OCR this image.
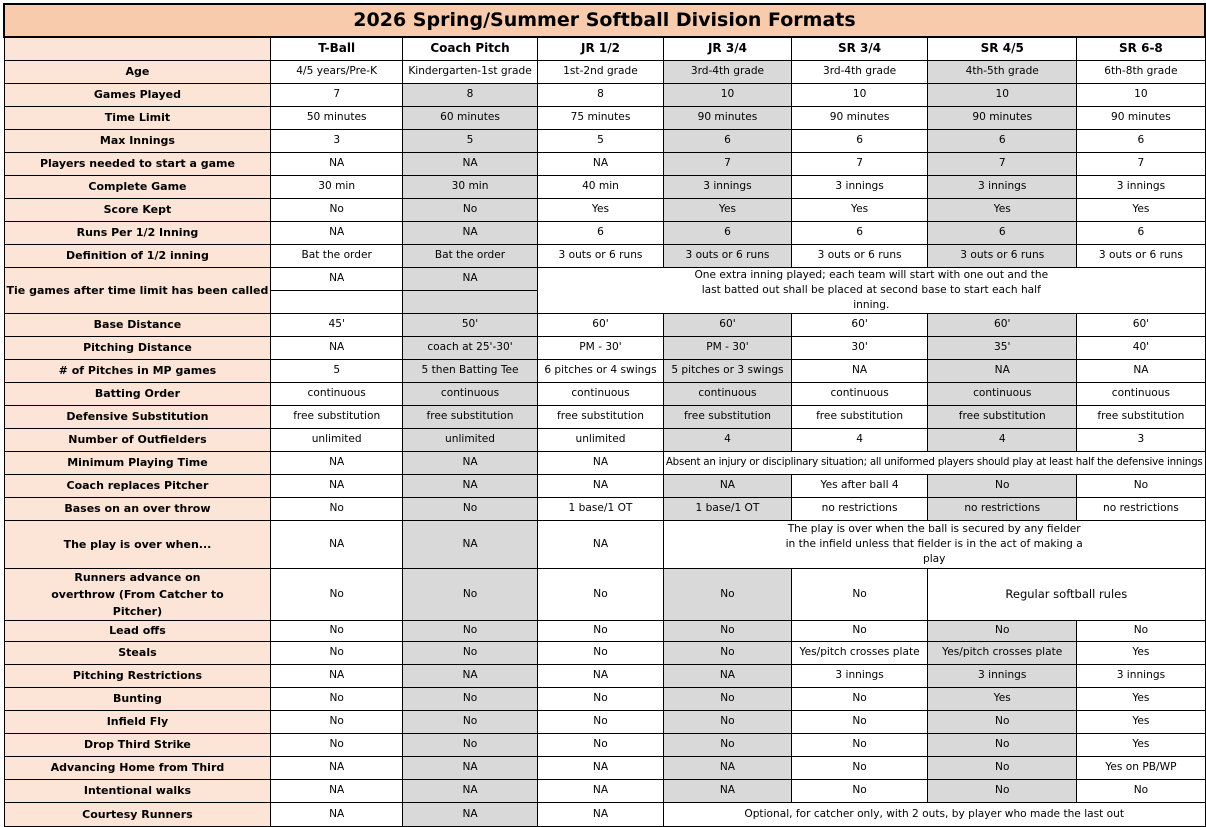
2026 Spring/Summer Softball Division Formats							
	T-Ball	Coach Pitch	JR 1/2	JR 3/4	SR 3/4	SR 4/5	SR 6-8
Age	4/5 years/Pre-K	Kindergarten-1st grade	1st-2nd grade	3rd-4th grade	3rd-4th grade	4th-5th grade	6th-8th grade
Games Played	7	8	8	10	10	10	10
Time Limit	50 minutes	60 minutes	75 minutes	90 minutes	90 minutes	90 minutes	90 minutes
Max Innings	3	5	5	6	6	6	6
Players needed to start a game	NA	NA	NA	7	7	7	7
Complete Game	30 min	30 min	40 min	3 innings	3 innings	3 innings	3 innings
Score Kept	No	No	Yes	Yes	Yes	Yes	Yes
Runs Per 1/2 Inning	NA	NA	6	6	6	6	6
Definition of 1/2 inning	Bat the order	Bat the order	3 outs or 6 runs	3 outs or 6 runs	3 outs or 6 runs	3 outs or 6 runs	3 outs or 6 runs
Tie games after time limit has been called	NA	NA	One extra inning played; each team will start with one out and the last batted out shall be placed at second base to start each half inning.				

Base Distance	45'	50'	60'	60'	60'	60'	60'
Pitching Distance	NA	coach at 25'-30'	PM - 30'	PM - 30'	30'	35'	40'
# of Pitches in MP games	5	5 then Batting Tee	6 pitches or 4 swings	5 pitches or 3 swings	NA	NA	NA
Batting Order	continuous	continuous	continuous	continuous	continuous	continuous	continuous
Defensive Substitution	free substitution	free substitution	free substitution	free substitution	free substitution	free substitution	free substitution
Number of Outfielders	unlimited	unlimited	unlimited	4	4	4	3
Minimum Playing Time	NA	NA	NA	Absent an injury or disciplinary situation; all uniformed players should play at least half the defensive innings			
Coach replaces Pitcher	NA	NA	NA	NA	Yes after ball 4	No	No
Bases on an over throw	No	No	1 base/1 OT	1 base/1 OT	no restrictions	no restrictions	no restrictions
The play is over when...	NA	NA	NA	The play is over when the ball is secured by any fielder in the infield unless that fielder is in the act of making a play			
Runners advance on overthrow (From Catcher to Pitcher)	No	No	No	No	No	Regular softball rules	
Lead offs	No	No	No	No	No	No	No
Steals	No	No	No	No	Yes/pitch crosses plate	Yes/pitch crosses plate	Yes
Pitching Restrictions	NA	NA	NA	NA	3 innings	3 innings	3 innings
Bunting	No	No	No	No	No	Yes	Yes
Infield Fly	No	No	No	No	No	No	Yes
Drop Third Strike	No	No	No	No	No	No	Yes
Advancing Home from Third	NA	NA	NA	NA	No	No	Yes on PB/WP
Intentional walks	NA	NA	NA	NA	No	No	No
Courtesy Runners	NA	NA	NA	Optional, for catcher only, with 2 outs, by player who made the last out			
